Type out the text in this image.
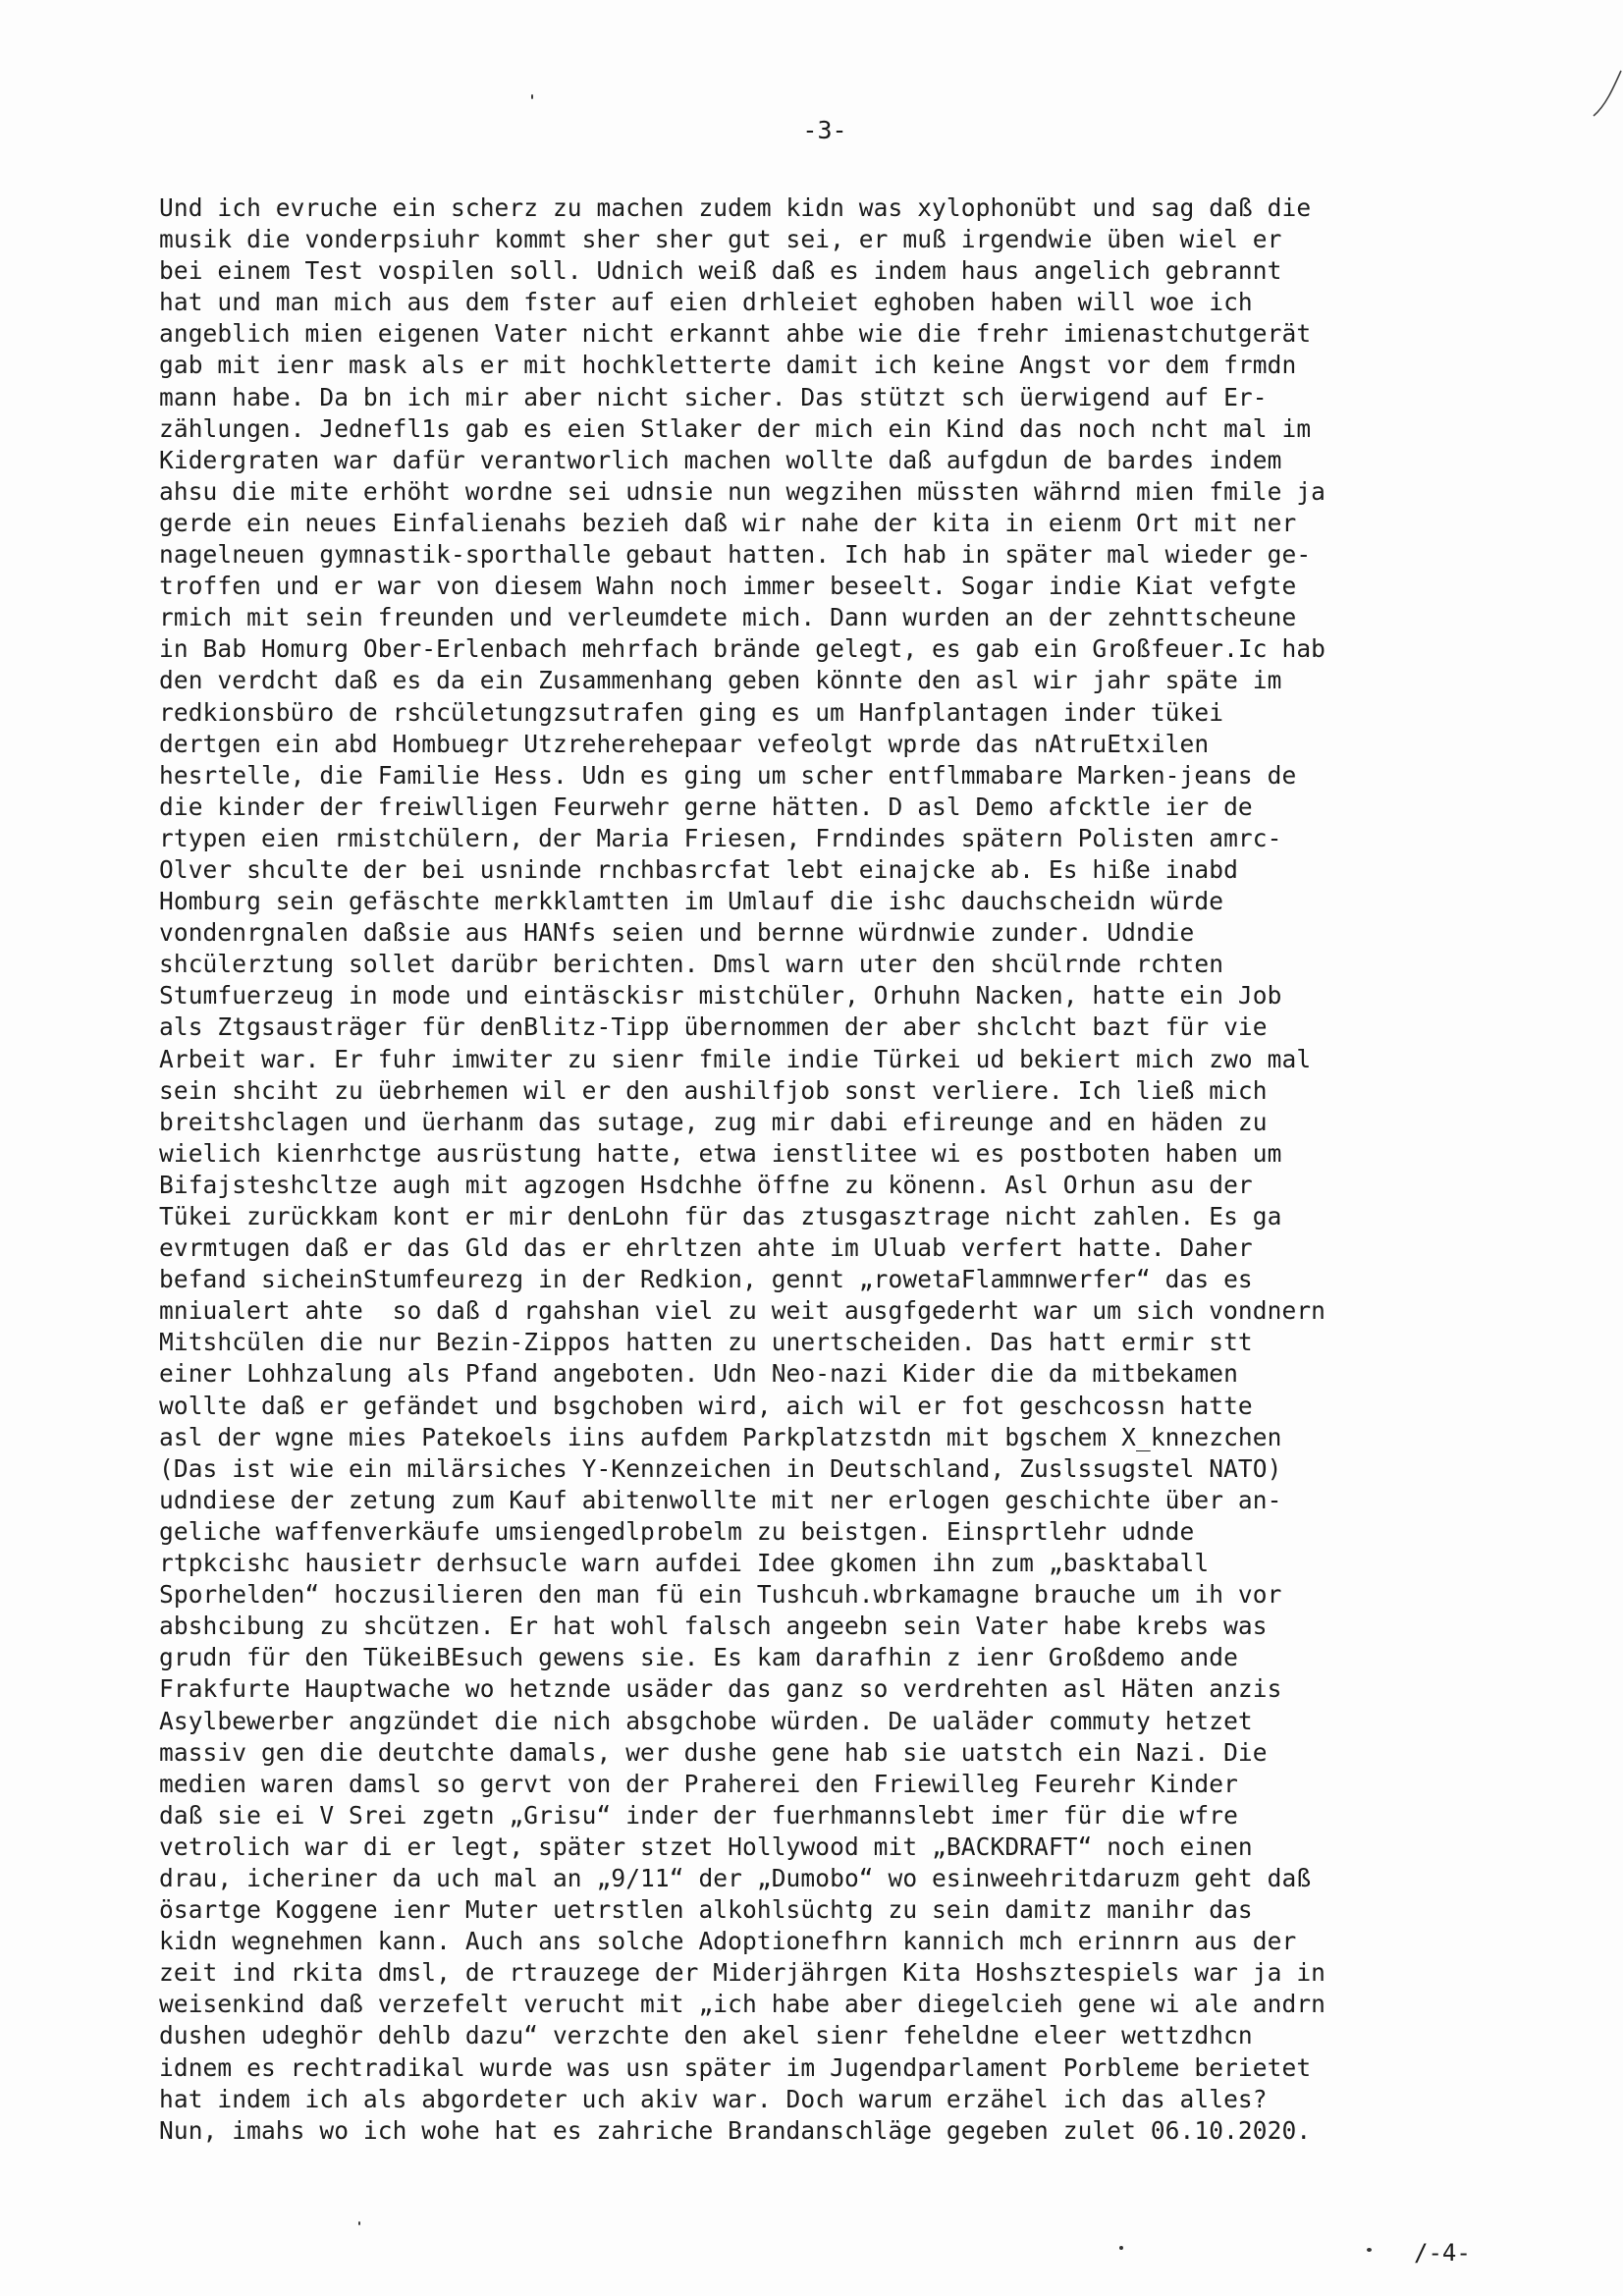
-3-
Und ich evruche ein scherz zu machen zudem kidn was xylophonübt und sag daß die
musik die vonderpsiuhr kommt sher sher gut sei, er muß irgendwie üben wiel er
bei einem Test vospilen soll. Udnich weiß daß es indem haus angelich gebrannt
hat und man mich aus dem fster auf eien drhleiet eghoben haben will woe ich
angeblich mien eigenen Vater nicht erkannt ahbe wie die frehr imienastchutgerät
gab mit ienr mask als er mit hochkletterte damit ich keine Angst vor dem frmdn
mann habe. Da bn ich mir aber nicht sicher. Das stützt sch üerwigend auf Er-
zählungen. Jednefl1s gab es eien Stlaker der mich ein Kind das noch ncht mal im
Kidergraten war dafür verantworlich machen wollte daß aufgdun de bardes indem
ahsu die mite erhöht wordne sei udnsie nun wegzihen müssten währnd mien fmile ja
gerde ein neues Einfalienahs bezieh daß wir nahe der kita in eienm Ort mit ner
nagelneuen gymnastik-sporthalle gebaut hatten. Ich hab in später mal wieder ge-
troffen und er war von diesem Wahn noch immer beseelt. Sogar indie Kiat vefgte
rmich mit sein freunden und verleumdete mich. Dann wurden an der zehnttscheune
in Bab Homurg Ober-Erlenbach mehrfach brände gelegt, es gab ein Großfeuer.Ic hab
den verdcht daß es da ein Zusammenhang geben könnte den asl wir jahr späte im
redkionsbüro de rshcületungzsutrafen ging es um Hanfplantagen inder tükei
dertgen ein abd Hombuegr Utzreherehepaar vefeolgt wprde das nAtruEtxilen
hesrtelle, die Familie Hess. Udn es ging um scher entflmmabare Marken-jeans de
die kinder der freiwlligen Feurwehr gerne hätten. D asl Demo afcktle ier de
rtypen eien rmistchülern, der Maria Friesen, Frndindes spätern Polisten amrc-
Olver shculte der bei usninde rnchbasrcfat lebt einajcke ab. Es hiße inabd
Homburg sein gefäschte merkklamtten im Umlauf die ishc dauchscheidn würde
vondenrgnalen daßsie aus HANfs seien und bernne würdnwie zunder. Udndie
shcülerztung sollet darübr berichten. Dmsl warn uter den shcülrnde rchten
Stumfuerzeug in mode und eintäsckisr mistchüler, Orhuhn Nacken, hatte ein Job
als Ztgsausträger für denBlitz-Tipp übernommen der aber shclcht bazt für vie
Arbeit war. Er fuhr imwiter zu sienr fmile indie Türkei ud bekiert mich zwo mal
sein shciht zu üebrhemen wil er den aushilfjob sonst verliere. Ich ließ mich
breitshclagen und üerhanm das sutage, zug mir dabi efireunge and en häden zu
wielich kienrhctge ausrüstung hatte, etwa ienstlitee wi es postboten haben um
Bifajsteshcltze augh mit agzogen Hsdchhe öffne zu könenn. Asl Orhun asu der
Tükei zurückkam kont er mir denLohn für das ztusgasztrage nicht zahlen. Es ga
evrmtugen daß er das Gld das er ehrltzen ahte im Uluab verfert hatte. Daher
befand sicheinStumfeurezg in der Redkion, gennt „rowetaFlammnwerfer“ das es
mniualert ahte  so daß d rgahshan viel zu weit ausgfgederht war um sich vondnern
Mitshcülen die nur Bezin-Zippos hatten zu unertscheiden. Das hatt ermir stt
einer Lohhzalung als Pfand angeboten. Udn Neo-nazi Kider die da mitbekamen
wollte daß er gefändet und bsgchoben wird, aich wil er fot geschcossn hatte
asl der wgne mies Patekoels iins aufdem Parkplatzstdn mit bgschem X_knnezchen
(Das ist wie ein milärsiches Y-Kennzeichen in Deutschland, Zuslssugstel NATO)
udndiese der zetung zum Kauf abitenwollte mit ner erlogen geschichte über an-
geliche waffenverkäufe umsiengedlprobelm zu beistgen. Einsprtlehr udnde
rtpkcishc hausietr derhsucle warn aufdei Idee gkomen ihn zum „basktaball
Sporhelden“ hoczusilieren den man fü ein Tushcuh.wbrkamagne brauche um ih vor
abshcibung zu shcützen. Er hat wohl falsch angeebn sein Vater habe krebs was
grudn für den TükeiBEsuch gewens sie. Es kam darafhin z ienr Großdemo ande
Frakfurte Hauptwache wo hetznde usäder das ganz so verdrehten asl Häten anzis
Asylbewerber angzündet die nich absgchobe würden. De ualäder commuty hetzet
massiv gen die deutchte damals, wer dushe gene hab sie uatstch ein Nazi. Die
medien waren damsl so gervt von der Praherei den Friewilleg Feurehr Kinder
daß sie ei V Srei zgetn „Grisu“ inder der fuerhmannslebt imer für die wfre
vetrolich war di er legt, später stzet Hollywood mit „BACKDRAFT“ noch einen
drau, icheriner da uch mal an „9/11“ der „Dumobo“ wo esinweehritdaruzm geht daß
ösartge Koggene ienr Muter uetrstlen alkohlsüchtg zu sein damitz manihr das
kidn wegnehmen kann. Auch ans solche Adoptionefhrn kannich mch erinnrn aus der
zeit ind rkita dmsl, de rtrauzege der Miderjährgen Kita Hoshsztespiels war ja in
weisenkind daß verzefelt verucht mit „ich habe aber diegelcieh gene wi ale andrn
dushen udeghör dehlb dazu“ verzchte den akel sienr feheldne eleer wettzdhcn
idnem es rechtradikal wurde was usn später im Jugendparlament Porbleme berietet
hat indem ich als abgordeter uch akiv war. Doch warum erzähel ich das alles?
Nun, imahs wo ich wohe hat es zahriche Brandanschläge gegeben zulet 06.10.2020.
/-4-
